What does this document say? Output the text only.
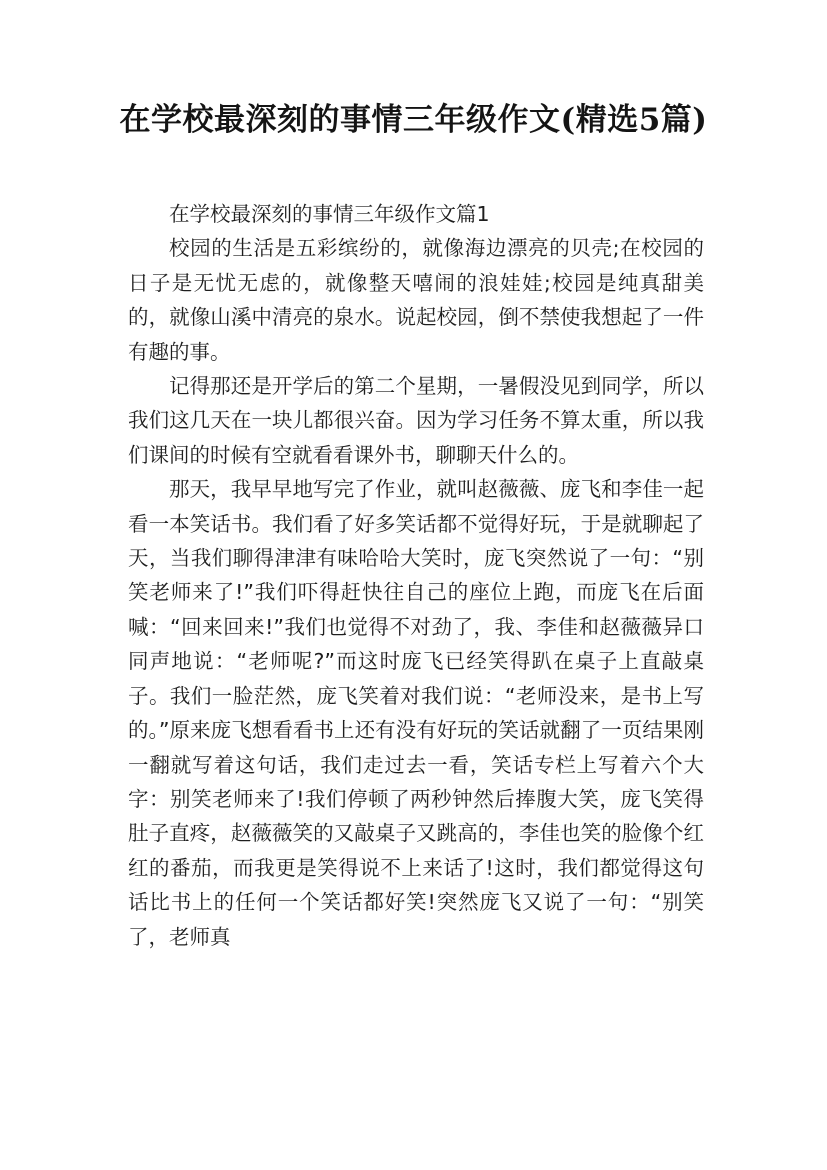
在学校最深刻的事情三年级作文(精选5篇)

在学校最深刻的事情三年级作文篇1

校园的生活是五彩缤纷的，就像海边漂亮的贝壳;在校园的日子是无忧无虑的，就像整天嘻闹的浪娃娃;校园是纯真甜美的，就像山溪中清亮的泉水。说起校园，倒不禁使我想起了一件有趣的事。

记得那还是开学后的第二个星期，一暑假没见到同学，所以我们这几天在一块儿都很兴奋。因为学习任务不算太重，所以我们课间的时候有空就看看课外书，聊聊天什么的。

那天，我早早地写完了作业，就叫赵薇薇、庞飞和李佳一起看一本笑话书。我们看了好多笑话都不觉得好玩，于是就聊起了天，当我们聊得津津有味哈哈大笑时，庞飞突然说了一句：“别笑老师来了!”我们吓得赶快往自己的座位上跑，而庞飞在后面喊：“回来回来!”我们也觉得不对劲了，我、李佳和赵薇薇异口同声地说：“老师呢?”而这时庞飞已经笑得趴在桌子上直敲桌子。我们一脸茫然，庞飞笑着对我们说：“老师没来，是书上写的。”原来庞飞想看看书上还有没有好玩的笑话就翻了一页结果刚一翻就写着这句话，我们走过去一看，笑话专栏上写着六个大字：别笑老师来了!我们停顿了两秒钟然后捧腹大笑，庞飞笑得肚子直疼，赵薇薇笑的又敲桌子又跳高的，李佳也笑的脸像个红红的番茄，而我更是笑得说不上来话了!这时，我们都觉得这句话比书上的任何一个笑话都好笑!突然庞飞又说了一句：“别笑了，老师真
